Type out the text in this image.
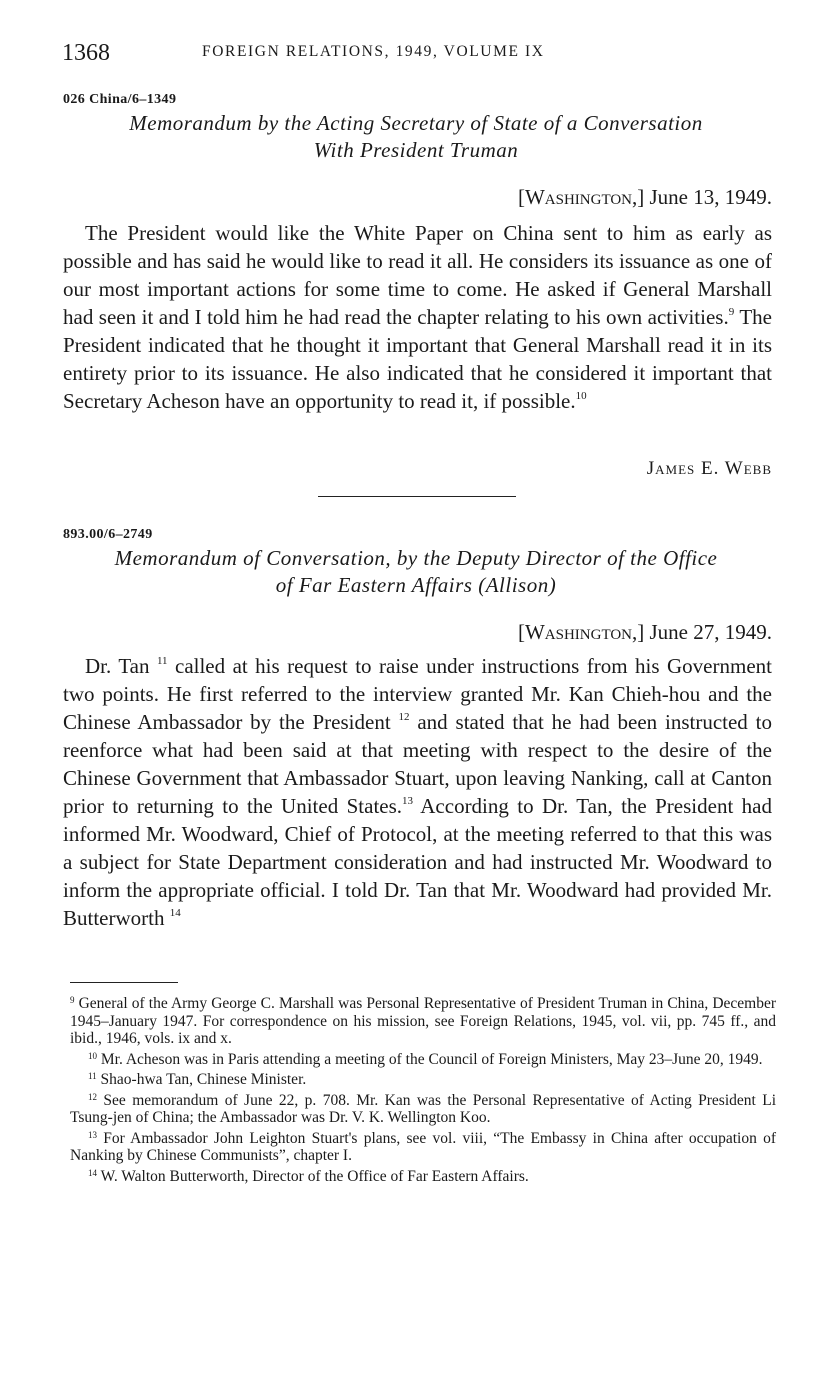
1368	FOREIGN RELATIONS, 1949, VOLUME IX
026 China/6–1349
Memorandum by the Acting Secretary of State of a Conversation
With President Truman
[Washington,] June 13, 1949.

The President would like the White Paper on China sent to him as early as possible and has said he would like to read it all. He considers its issuance as one of our most important actions for some time to come. He asked if General Marshall had seen it and I told him he had read the chapter relating to his own activities.$^9$ The President indicated that he thought it important that General Marshall read it in its entirety prior to its issuance. He also indicated that he considered it important that Secretary Acheson have an opportunity to read it, if possible.$^{10}$

James E. Webb
893.00/6–2749
Memorandum of Conversation, by the Deputy Director of the Office
of Far Eastern Affairs (Allison)
[Washington,] June 27, 1949.

Dr. Tan $^{11}$ called at his request to raise under instructions from his Government two points. He first referred to the interview granted Mr. Kan Chieh-hou and the Chinese Ambassador by the President $^{12}$ and stated that he had been instructed to reenforce what had been said at that meeting with respect to the desire of the Chinese Government that Ambassador Stuart, upon leaving Nanking, call at Canton prior to returning to the United States.$^{13}$ According to Dr. Tan, the President had informed Mr. Woodward, Chief of Protocol, at the meeting referred to that this was a subject for State Department consideration and had instructed Mr. Woodward to inform the appropriate official. I told Dr. Tan that Mr. Woodward had provided Mr. Butterworth $^{14}$

$^9$ General of the Army George C. Marshall was Personal Representative of President Truman in China, December 1945–January 1947. For correspondence on his mission, see Foreign Relations, 1945, vol. vii, pp. 745 ff., and ibid., 1946, vols. ix and x.

$^{10}$ Mr. Acheson was in Paris attending a meeting of the Council of Foreign Ministers, May 23–June 20, 1949.

$^{11}$ Shao-hwa Tan, Chinese Minister.

$^{12}$ See memorandum of June 22, p. 708. Mr. Kan was the Personal Representative of Acting President Li Tsung-jen of China; the Ambassador was Dr. V. K. Wellington Koo.

$^{13}$ For Ambassador John Leighton Stuart's plans, see vol. viii, “The Embassy in China after occupation of Nanking by Chinese Communists”, chapter I.

$^{14}$ W. Walton Butterworth, Director of the Office of Far Eastern Affairs.
